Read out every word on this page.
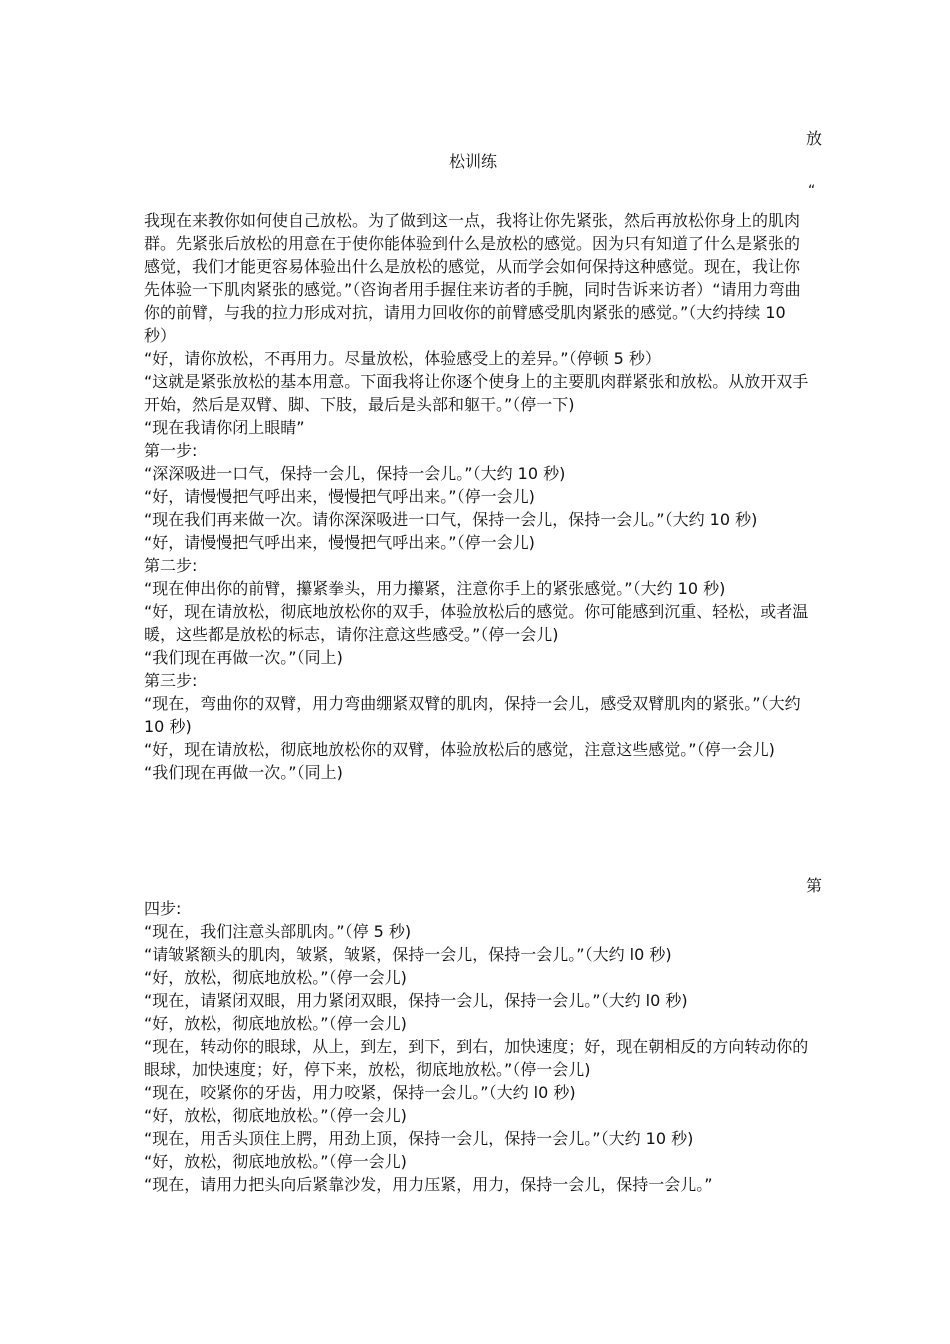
放
松训练
“

我现在来教你如何使自己放松。为了做到这一点，我将让你先紧张，然后再放松你身上的肌肉群。先紧张后放松的用意在于使你能体验到什么是放松的感觉。因为只有知道了什么是紧张的感觉，我们才能更容易体验出什么是放松的感觉，从而学会如何保持这种感觉。现在，我让你先体验一下肌肉紧张的感觉。”（咨询者用手握住来访者的手腕，同时告诉来访者）“请用力弯曲你的前臂，与我的拉力形成对抗，请用力回收你的前臂感受肌肉紧张的感觉。”（大约持续 10 秒）

“好，请你放松，不再用力。尽量放松，体验感受上的差异。”（停顿 5 秒）

“这就是紧张放松的基本用意。下面我将让你逐个使身上的主要肌肉群紧张和放松。从放开双手开始，然后是双臂、脚、下肢，最后是头部和躯干。”（停一下)

“现在我请你闭上眼睛”

第一步:

“深深吸进一口气，保持一会儿，保持一会儿。”（大约 10 秒)

“好，请慢慢把气呼出来，慢慢把气呼出来。”（停一会儿)

“现在我们再来做一次。请你深深吸进一口气，保持一会儿，保持一会儿。”（大约 10 秒)

“好，请慢慢把气呼出来，慢慢把气呼出来。”（停一会儿)

第二步:

“现在伸出你的前臂，攥紧拳头，用力攥紧，注意你手上的紧张感觉。”（大约 10 秒)

“好，现在请放松，彻底地放松你的双手，体验放松后的感觉。你可能感到沉重、轻松，或者温暖，这些都是放松的标志，请你注意这些感受。”（停一会儿)

“我们现在再做一次。”（同上)

第三步:

“现在，弯曲你的双臂，用力弯曲绷紧双臂的肌肉，保持一会儿，感受双臂肌肉的紧张。”（大约 10 秒)

“好，现在请放松，彻底地放松你的双臂，体验放松后的感觉，注意这些感觉。”（停一会儿)

“我们现在再做一次。”（同上)

第

四步:

“现在，我们注意头部肌肉。”（停 5 秒)

“请皱紧额头的肌肉，皱紧，皱紧，保持一会儿，保持一会儿。”（大约 l0 秒)

“好，放松，彻底地放松。”（停一会儿)

“现在，请紧闭双眼，用力紧闭双眼，保持一会儿，保持一会儿。”（大约 l0 秒)

“好，放松，彻底地放松。”（停一会儿)

“现在，转动你的眼球，从上，到左，到下，到右，加快速度；好，现在朝相反的方向转动你的眼球，加快速度；好，停下来，放松，彻底地放松。”（停一会儿)

“现在，咬紧你的牙齿，用力咬紧，保持一会儿。”（大约 l0 秒)

“好，放松，彻底地放松。”（停一会儿)

“现在，用舌头顶住上腭，用劲上顶，保持一会儿，保持一会儿。”（大约 10 秒)

“好，放松，彻底地放松。”（停一会儿)

“现在，请用力把头向后紧靠沙发，用力压紧，用力，保持一会儿，保持一会儿。”
